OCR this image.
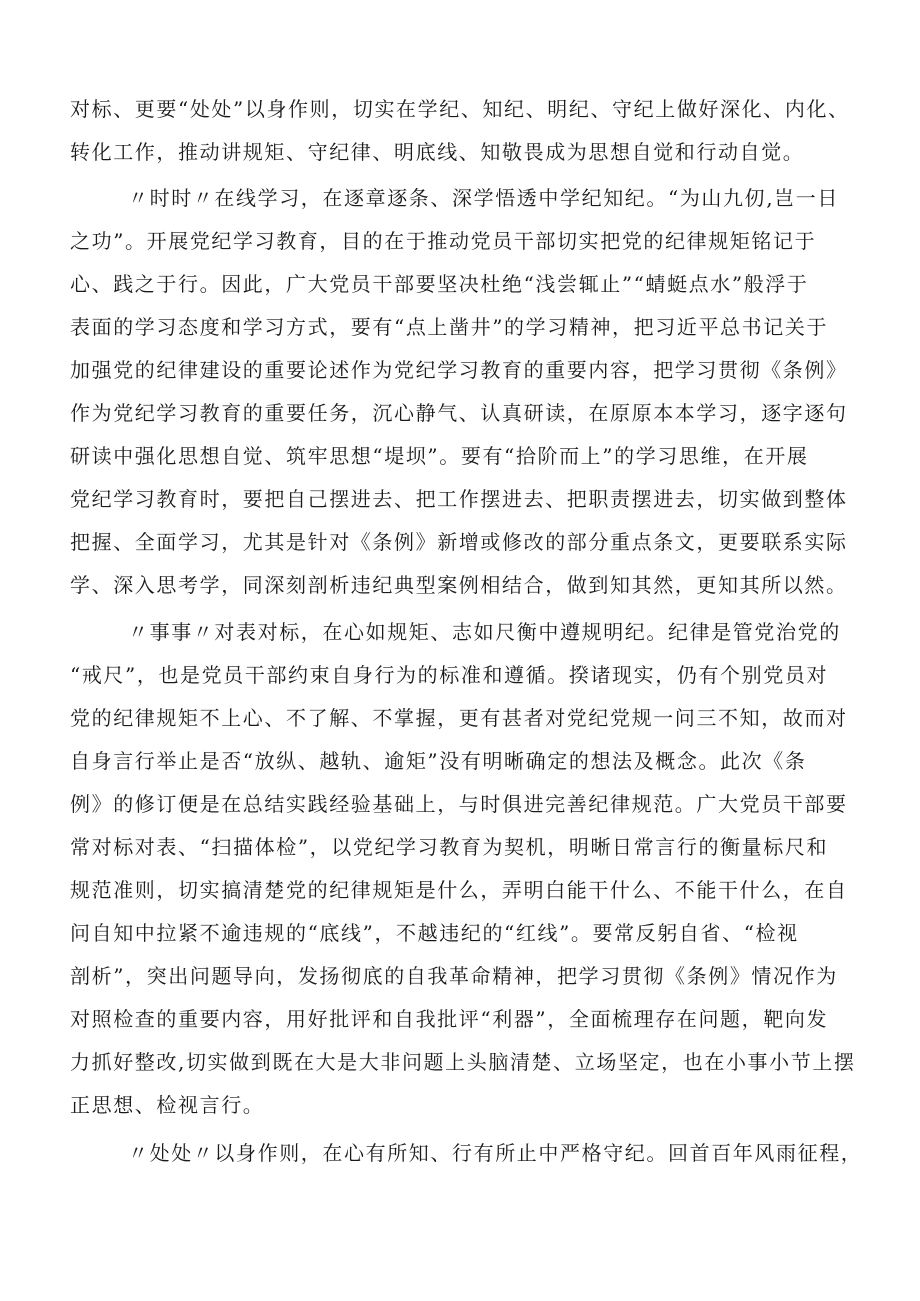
对标、更要“处处”以身作则，切实在学纪、知纪、明纪、守纪上做好深化、内化、

转化工作，推动讲规矩、守纪律、明底线、知敬畏成为思想自觉和行动自觉。

〃时时〃在线学习，在逐章逐条、深学悟透中学纪知纪。“为山九仞,岂一日

之功”。开展党纪学习教育，目的在于推动党员干部切实把党的纪律规矩铭记于

心、践之于行。因此，广大党员干部要坚决杜绝“浅尝辄止”“蜻蜓点水”般浮于

表面的学习态度和学习方式，要有“点上凿井”的学习精神，把习近平总书记关于

加强党的纪律建设的重要论述作为党纪学习教育的重要内容，把学习贯彻《条例》

作为党纪学习教育的重要任务，沉心静气、认真研读，在原原本本学习，逐字逐句

研读中强化思想自觉、筑牢思想“堤坝”。要有“拾阶而上”的学习思维，在开展

党纪学习教育时，要把自己摆进去、把工作摆进去、把职责摆进去，切实做到整体

把握、全面学习，尤其是针对《条例》新增或修改的部分重点条文，更要联系实际

学、深入思考学，同深刻剖析违纪典型案例相结合，做到知其然，更知其所以然。

〃事事〃对表对标，在心如规矩、志如尺衡中遵规明纪。纪律是管党治党的

“戒尺”，也是党员干部约束自身行为的标准和遵循。揆诸现实，仍有个别党员对

党的纪律规矩不上心、不了解、不掌握，更有甚者对党纪党规一问三不知，故而对

自身言行举止是否“放纵、越轨、逾矩”没有明晰确定的想法及概念。此次《条

例》的修订便是在总结实践经验基础上，与时俱进完善纪律规范。广大党员干部要

常对标对表、“扫描体检”，以党纪学习教育为契机，明晰日常言行的衡量标尺和

规范准则，切实搞清楚党的纪律规矩是什么，弄明白能干什么、不能干什么，在自

问自知中拉紧不逾违规的“底线”，不越违纪的“红线”。要常反躬自省、“检视

剖析”，突出问题导向，发扬彻底的自我革命精神，把学习贯彻《条例》情况作为

对照检查的重要内容，用好批评和自我批评“利器”，全面梳理存在问题，靶向发

力抓好整改,切实做到既在大是大非问题上头脑清楚、立场坚定，也在小事小节上摆

正思想、检视言行。

〃处处〃以身作则，在心有所知、行有所止中严格守纪。回首百年风雨征程，
